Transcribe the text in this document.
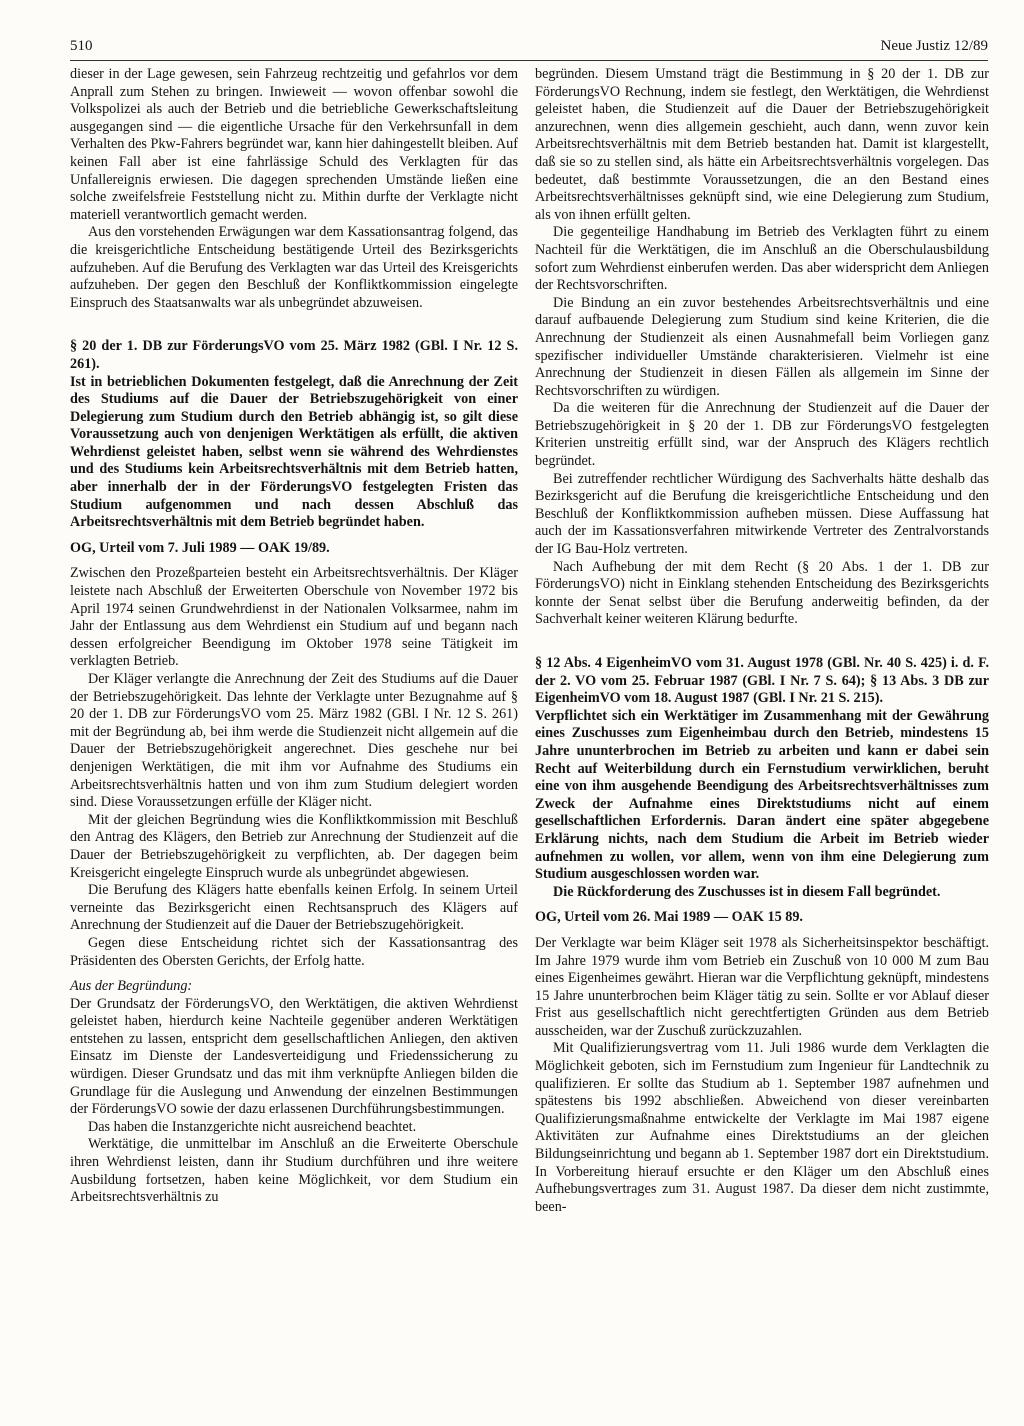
510	Neue Justiz 12/89

dieser in der Lage gewesen, sein Fahrzeug rechtzeitig und gefahrlos vor dem Anprall zum Stehen zu bringen. Inwieweit — wovon offenbar sowohl die Volkspolizei als auch der Betrieb und die betriebliche Gewerkschaftsleitung ausgegangen sind — die eigentliche Ursache für den Verkehrsunfall in dem Verhalten des Pkw-Fahrers begründet war, kann hier dahingestellt bleiben. Auf keinen Fall aber ist eine fahrlässige Schuld des Verklagten für das Unfallereignis erwiesen. Die dagegen sprechenden Umstände ließen eine solche zweifelsfreie Feststellung nicht zu. Mithin durfte der Verklagte nicht materiell verantwortlich gemacht werden.

Aus den vorstehenden Erwägungen war dem Kassationsantrag folgend, das die kreisgerichtliche Entscheidung bestätigende Urteil des Bezirksgerichts aufzuheben. Auf die Berufung des Verklagten war das Urteil des Kreisgerichts aufzuheben. Der gegen den Beschluß der Konfliktkommission eingelegte Einspruch des Staatsanwalts war als unbegründet abzuweisen.

§ 20 der 1. DB zur FörderungsVO vom 25. März 1982 (GBl. I Nr. 12 S. 261).

Ist in betrieblichen Dokumenten festgelegt, daß die Anrechnung der Zeit des Studiums auf die Dauer der Betriebszugehörigkeit von einer Delegierung zum Studium durch den Betrieb abhängig ist, so gilt diese Voraussetzung auch von denjenigen Werktätigen als erfüllt, die aktiven Wehrdienst geleistet haben, selbst wenn sie während des Wehrdienstes und des Studiums kein Arbeitsrechtsverhältnis mit dem Betrieb hatten, aber innerhalb der in der FörderungsVO festgelegten Fristen das Studium aufgenommen und nach dessen Abschluß das Arbeitsrechtsverhältnis mit dem Betrieb begründet haben.

OG, Urteil vom 7. Juli 1989 — OAK 19/89.

Zwischen den Prozeßparteien besteht ein Arbeitsrechtsverhältnis. Der Kläger leistete nach Abschluß der Erweiterten Oberschule von November 1972 bis April 1974 seinen Grundwehrdienst in der Nationalen Volksarmee, nahm im Jahr der Entlassung aus dem Wehrdienst ein Studium auf und begann nach dessen erfolgreicher Beendigung im Oktober 1978 seine Tätigkeit im verklagten Betrieb.

Der Kläger verlangte die Anrechnung der Zeit des Studiums auf die Dauer der Betriebszugehörigkeit. Das lehnte der Verklagte unter Bezugnahme auf § 20 der 1. DB zur FörderungsVO vom 25. März 1982 (GBl. I Nr. 12 S. 261) mit der Begründung ab, bei ihm werde die Studienzeit nicht allgemein auf die Dauer der Betriebszugehörigkeit angerechnet. Dies geschehe nur bei denjenigen Werktätigen, die mit ihm vor Aufnahme des Studiums ein Arbeitsrechtsverhältnis hatten und von ihm zum Studium delegiert worden sind. Diese Voraussetzungen erfülle der Kläger nicht.

Mit der gleichen Begründung wies die Konfliktkommission mit Beschluß den Antrag des Klägers, den Betrieb zur Anrechnung der Studienzeit auf die Dauer der Betriebszugehörigkeit zu verpflichten, ab. Der dagegen beim Kreisgericht eingelegte Einspruch wurde als unbegründet abgewiesen.

Die Berufung des Klägers hatte ebenfalls keinen Erfolg. In seinem Urteil verneinte das Bezirksgericht einen Rechtsanspruch des Klägers auf Anrechnung der Studienzeit auf die Dauer der Betriebszugehörigkeit.

Gegen diese Entscheidung richtet sich der Kassationsantrag des Präsidenten des Obersten Gerichts, der Erfolg hatte.

Aus der Begründung:

Der Grundsatz der FörderungsVO, den Werktätigen, die aktiven Wehrdienst geleistet haben, hierdurch keine Nachteile gegenüber anderen Werktätigen entstehen zu lassen, entspricht dem gesellschaftlichen Anliegen, den aktiven Einsatz im Dienste der Landesverteidigung und Friedenssicherung zu würdigen. Dieser Grundsatz und das mit ihm verknüpfte Anliegen bilden die Grundlage für die Auslegung und Anwendung der einzelnen Bestimmungen der FörderungsVO sowie der dazu erlassenen Durchführungsbestimmungen.

Das haben die Instanzgerichte nicht ausreichend beachtet.

Werktätige, die unmittelbar im Anschluß an die Erweiterte Oberschule ihren Wehrdienst leisten, dann ihr Studium durchführen und ihre weitere Ausbildung fortsetzen, haben keine Möglichkeit, vor dem Studium ein Arbeitsrechtsverhältnis zu

begründen. Diesem Umstand trägt die Bestimmung in § 20 der 1. DB zur FörderungsVO Rechnung, indem sie festlegt, den Werktätigen, die Wehrdienst geleistet haben, die Studienzeit auf die Dauer der Betriebszugehörigkeit anzurechnen, wenn dies allgemein geschieht, auch dann, wenn zuvor kein Arbeitsrechtsverhältnis mit dem Betrieb bestanden hat. Damit ist klargestellt, daß sie so zu stellen sind, als hätte ein Arbeitsrechtsverhältnis vorgelegen. Das bedeutet, daß bestimmte Voraussetzungen, die an den Bestand eines Arbeitsrechtsverhältnisses geknüpft sind, wie eine Delegierung zum Studium, als von ihnen erfüllt gelten.

Die gegenteilige Handhabung im Betrieb des Verklagten führt zu einem Nachteil für die Werktätigen, die im Anschluß an die Oberschulausbildung sofort zum Wehrdienst einberufen werden. Das aber widerspricht dem Anliegen der Rechtsvorschriften.

Die Bindung an ein zuvor bestehendes Arbeitsrechtsverhältnis und eine darauf aufbauende Delegierung zum Studium sind keine Kriterien, die die Anrechnung der Studienzeit als einen Ausnahmefall beim Vorliegen ganz spezifischer individueller Umstände charakterisieren. Vielmehr ist eine Anrechnung der Studienzeit in diesen Fällen als allgemein im Sinne der Rechtsvorschriften zu würdigen.

Da die weiteren für die Anrechnung der Studienzeit auf die Dauer der Betriebszugehörigkeit in § 20 der 1. DB zur FörderungsVO festgelegten Kriterien unstreitig erfüllt sind, war der Anspruch des Klägers rechtlich begründet.

Bei zutreffender rechtlicher Würdigung des Sachverhalts hätte deshalb das Bezirksgericht auf die Berufung die kreisgerichtliche Entscheidung und den Beschluß der Konfliktkommission aufheben müssen. Diese Auffassung hat auch der im Kassationsverfahren mitwirkende Vertreter des Zentralvorstands der IG Bau-Holz vertreten.

Nach Aufhebung der mit dem Recht (§ 20 Abs. 1 der 1. DB zur FörderungsVO) nicht in Einklang stehenden Entscheidung des Bezirksgerichts konnte der Senat selbst über die Berufung anderweitig befinden, da der Sachverhalt keiner weiteren Klärung bedurfte.

§ 12 Abs. 4 EigenheimVO vom 31. August 1978 (GBl. Nr. 40 S. 425) i. d. F. der 2. VO vom 25. Februar 1987 (GBl. I Nr. 7 S. 64); § 13 Abs. 3 DB zur EigenheimVO vom 18. August 1987 (GBl. I Nr. 21 S. 215).

Verpflichtet sich ein Werktätiger im Zusammenhang mit der Gewährung eines Zuschusses zum Eigenheimbau durch den Betrieb, mindestens 15 Jahre ununterbrochen im Betrieb zu arbeiten und kann er dabei sein Recht auf Weiterbildung durch ein Fernstudium verwirklichen, beruht eine von ihm ausgehende Beendigung des Arbeitsrechtsverhältnisses zum Zweck der Aufnahme eines Direktstudiums nicht auf einem gesellschaftlichen Erfordernis. Daran ändert eine später abgegebene Erklärung nichts, nach dem Studium die Arbeit im Betrieb wieder aufnehmen zu wollen, vor allem, wenn von ihm eine Delegierung zum Studium ausgeschlossen worden war.

Die Rückforderung des Zuschusses ist in diesem Fall begründet.

OG, Urteil vom 26. Mai 1989 — OAK 15 89.

Der Verklagte war beim Kläger seit 1978 als Sicherheitsinspektor beschäftigt. Im Jahre 1979 wurde ihm vom Betrieb ein Zuschuß von 10 000 M zum Bau eines Eigenheimes gewährt. Hieran war die Verpflichtung geknüpft, mindestens 15 Jahre ununterbrochen beim Kläger tätig zu sein. Sollte er vor Ablauf dieser Frist aus gesellschaftlich nicht gerechtfertigten Gründen aus dem Betrieb ausscheiden, war der Zuschuß zurückzuzahlen.

Mit Qualifizierungsvertrag vom 11. Juli 1986 wurde dem Verklagten die Möglichkeit geboten, sich im Fernstudium zum Ingenieur für Landtechnik zu qualifizieren. Er sollte das Studium ab 1. September 1987 aufnehmen und spätestens bis 1992 abschließen. Abweichend von dieser vereinbarten Qualifizierungsmaßnahme entwickelte der Verklagte im Mai 1987 eigene Aktivitäten zur Aufnahme eines Direktstudiums an der gleichen Bildungseinrichtung und begann ab 1. September 1987 dort ein Direktstudium. In Vorbereitung hierauf ersuchte er den Kläger um den Abschluß eines Aufhebungsvertrages zum 31. August 1987. Da dieser dem nicht zustimmte, been-
